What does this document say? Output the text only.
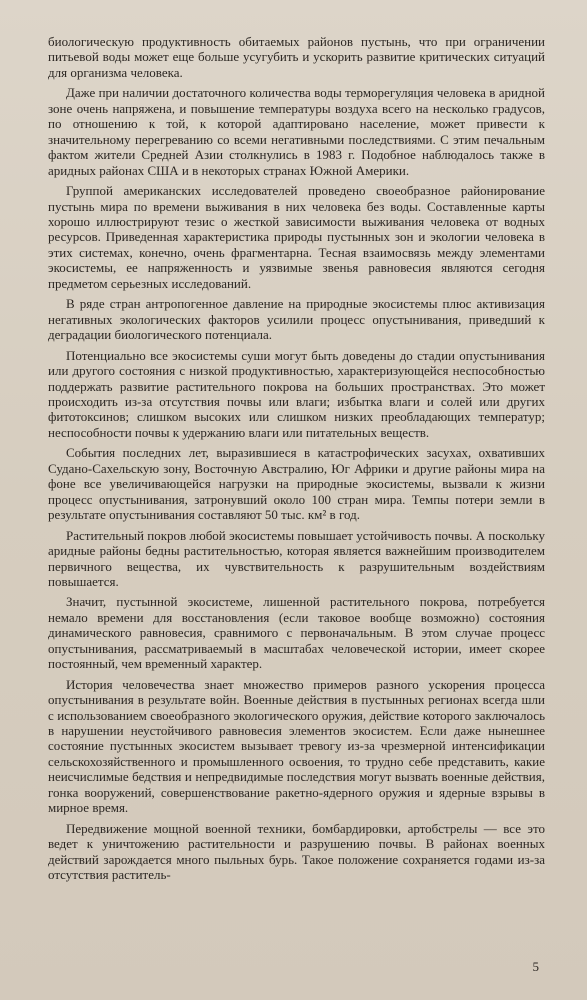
биологическую продуктивность обитаемых районов пустынь, что при ограничении питьевой воды может еще больше усугубить и ускорить развитие критических ситуаций для организма человека.

Даже при наличии достаточного количества воды терморегуляция человека в аридной зоне очень напряжена, и повышение температуры воздуха всего на несколько градусов, по отношению к той, к которой адаптировано население, может привести к значительному перегреванию со всеми негативными последствиями. С этим печальным фактом жители Средней Азии столкнулись в 1983 г. Подобное наблюдалось также в аридных районах США и в некоторых странах Южной Америки.

Группой американских исследователей проведено своеобразное районирование пустынь мира по времени выживания в них человека без воды. Составленные карты хорошо иллюстрируют тезис о жесткой зависимости выживания человека от водных ресурсов. Приведенная характеристика природы пустынных зон и экологии человека в этих системах, конечно, очень фрагментарна. Тесная взаимосвязь между элементами экосистемы, ее напряженность и уязвимые звенья равновесия являются сегодня предметом серьезных исследований.

В ряде стран антропогенное давление на природные экосистемы плюс активизация негативных экологических факторов усилили процесс опустынивания, приведший к деградации биологического потенциала.

Потенциально все экосистемы суши могут быть доведены до стадии опустынивания или другого состояния с низкой продуктивностью, характеризующейся неспособностью поддержать развитие растительного покрова на больших пространствах. Это может происходить из-за отсутствия почвы или влаги; избытка влаги и солей или других фитотоксинов; слишком высоких или слишком низких преобладающих температур; неспособности почвы к удержанию влаги или питательных веществ.

События последних лет, выразившиеся в катастрофических засухах, охвативших Судано-Сахельскую зону, Восточную Австралию, Юг Африки и другие районы мира на фоне все увеличивающейся нагрузки на природные экосистемы, вызвали к жизни процесс опустынивания, затронувший около 100 стран мира. Темпы потери земли в результате опустынивания составляют 50 тыс. км² в год.

Растительный покров любой экосистемы повышает устойчивость почвы. А поскольку аридные районы бедны растительностью, которая является важнейшим производителем первичного вещества, их чувствительность к разрушительным воздействиям повышается.

Значит, пустынной экосистеме, лишенной растительного покрова, потребуется немало времени для восстановления (если таковое вообще возможно) состояния динамического равновесия, сравнимого с первоначальным. В этом случае процесс опустынивания, рассматриваемый в масштабах человеческой истории, имеет скорее постоянный, чем временный характер.

История человечества знает множество примеров разного ускорения процесса опустынивания в результате войн. Военные действия в пустынных регионах всегда шли с использованием своеобразного экологического оружия, действие которого заключалось в нарушении неустойчивого равновесия элементов экосистем. Если даже нынешнее состояние пустынных экосистем вызывает тревогу из-за чрезмерной интенсификации сельскохозяйственного и промышленного освоения, то трудно себе представить, какие неисчислимые бедствия и непредвидимые последствия могут вызвать военные действия, гонка вооружений, совершенствование ракетно-ядерного оружия и ядерные взрывы в мирное время.

Передвижение мощной военной техники, бомбардировки, артобстрелы — все это ведет к уничтожению растительности и разрушению почвы. В районах военных действий зарождается много пыльных бурь. Такое положение сохраняется годами из-за отсутствия раститель-

5
